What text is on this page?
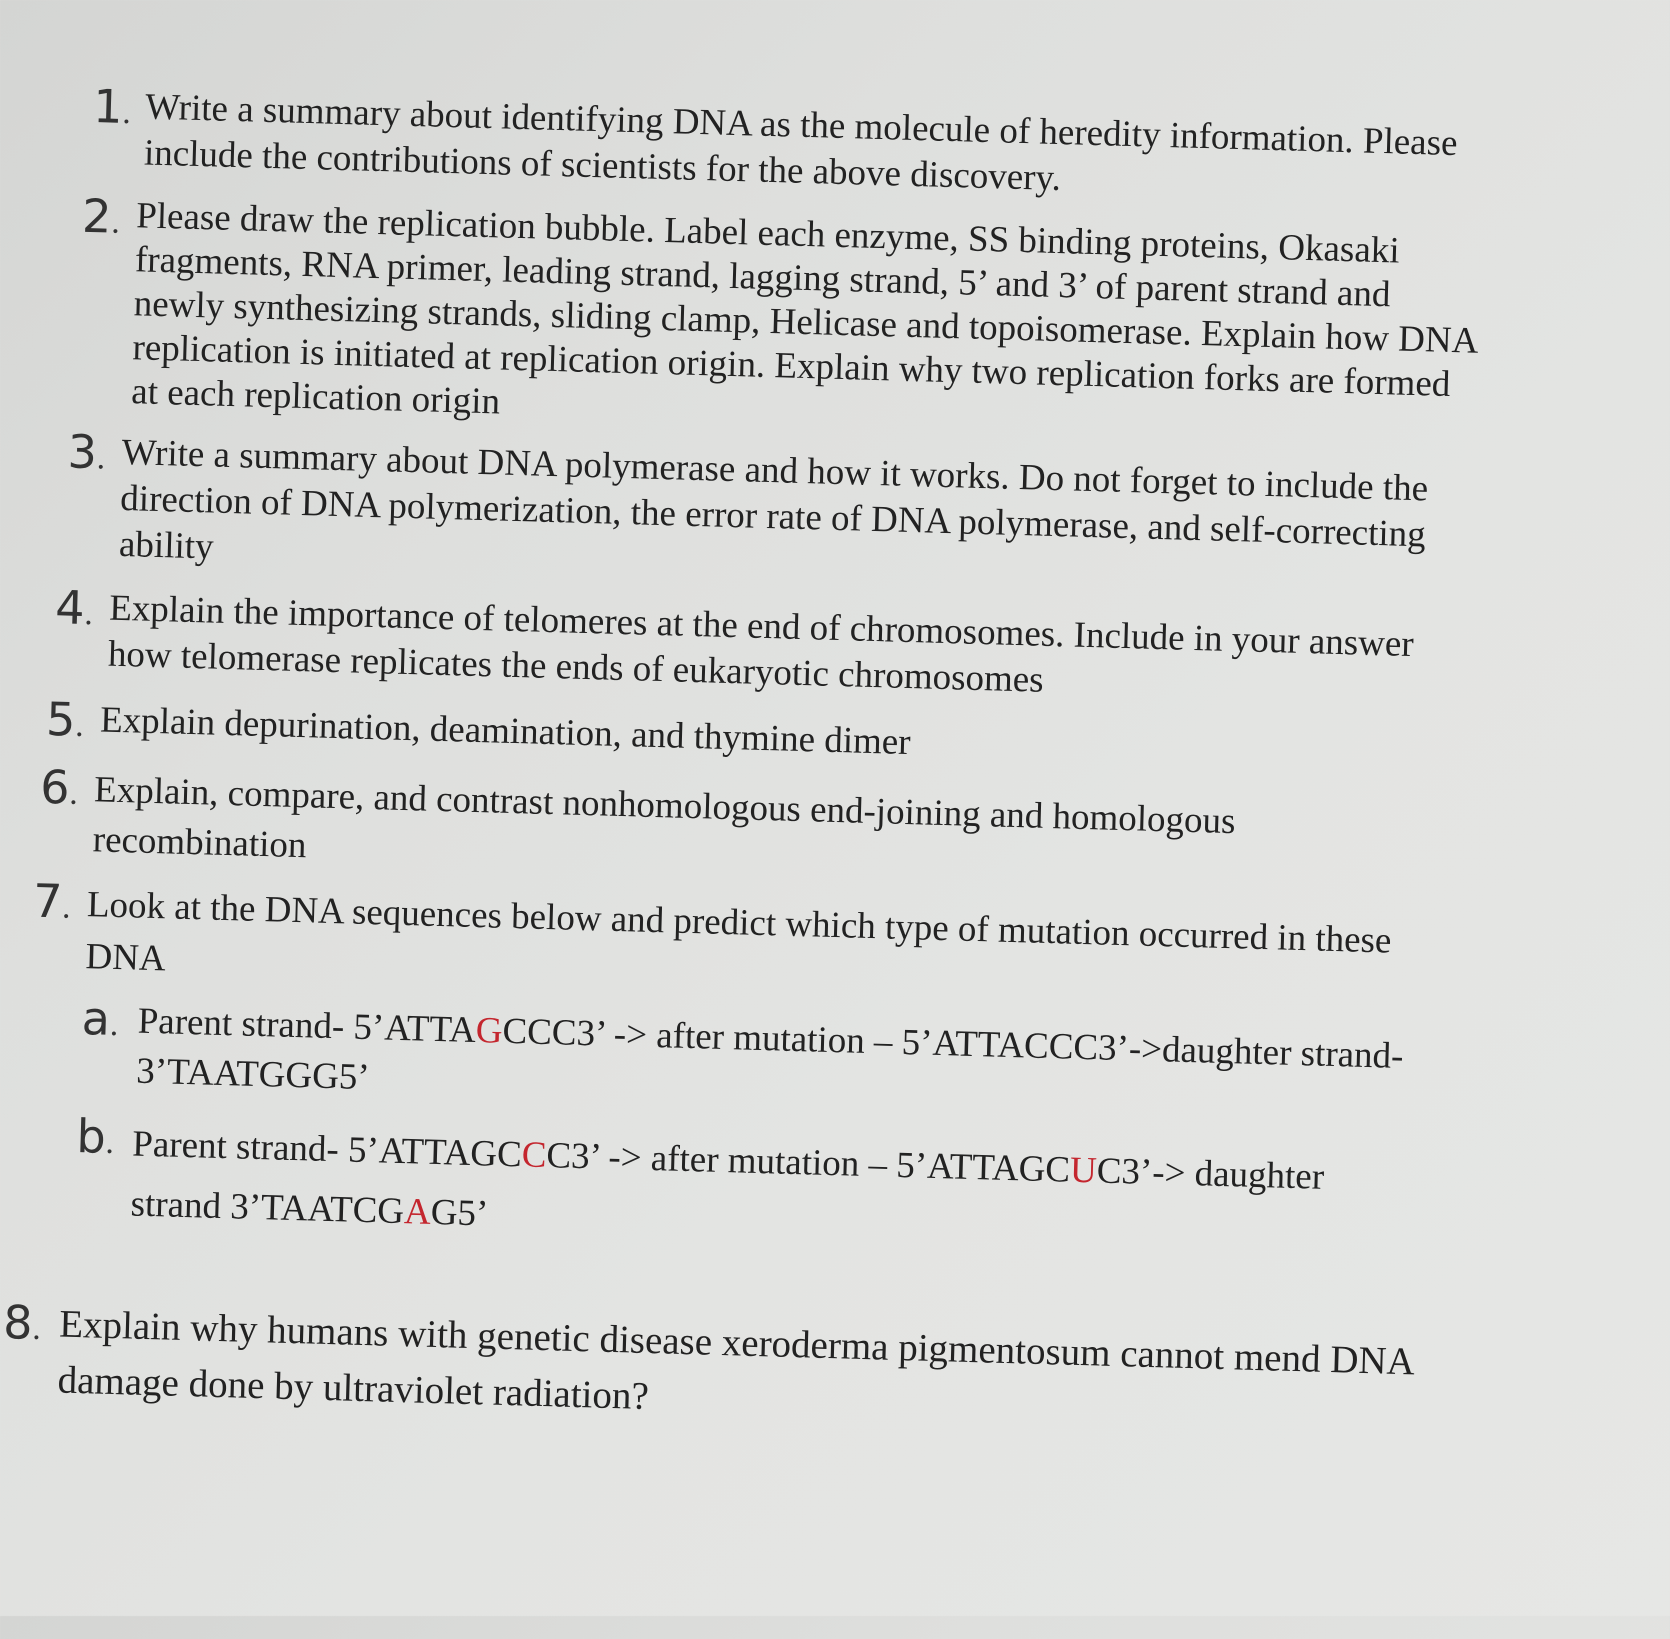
1. Write a summary about identifying DNA as the molecule of heredity information. Please include the contributions of scientists for the above discovery.
2. Please draw the replication bubble. Label each enzyme, SS binding proteins, Okasaki fragments, RNA primer, leading strand, lagging strand, 5’ and 3’ of parent strand and newly synthesizing strands, sliding clamp, Helicase and topoisomerase. Explain how DNA replication is initiated at replication origin. Explain why two replication forks are formed at each replication origin
3. Write a summary about DNA polymerase and how it works. Do not forget to include the direction of DNA polymerization, the error rate of DNA polymerase, and self-correcting ability
4. Explain the importance of telomeres at the end of chromosomes. Include in your answer how telomerase replicates the ends of eukaryotic chromosomes
5. Explain depurination, deamination, and thymine dimer
6. Explain, compare, and contrast nonhomologous end-joining and homologous recombination
7. Look at the DNA sequences below and predict which type of mutation occurred in these DNA
a. Parent strand- 5’ATTAGCCC3’ -> after mutation – 5’ATTACCC3’->daughter strand-
3’TAATGGG5’
b. Parent strand- 5’ATTAGCCC3’ -> after mutation – 5’ATTAGCUC3’-> daughter
strand 3’TAATCGAG5’
8. Explain why humans with genetic disease xeroderma pigmentosum cannot mend DNA damage done by ultraviolet radiation?
